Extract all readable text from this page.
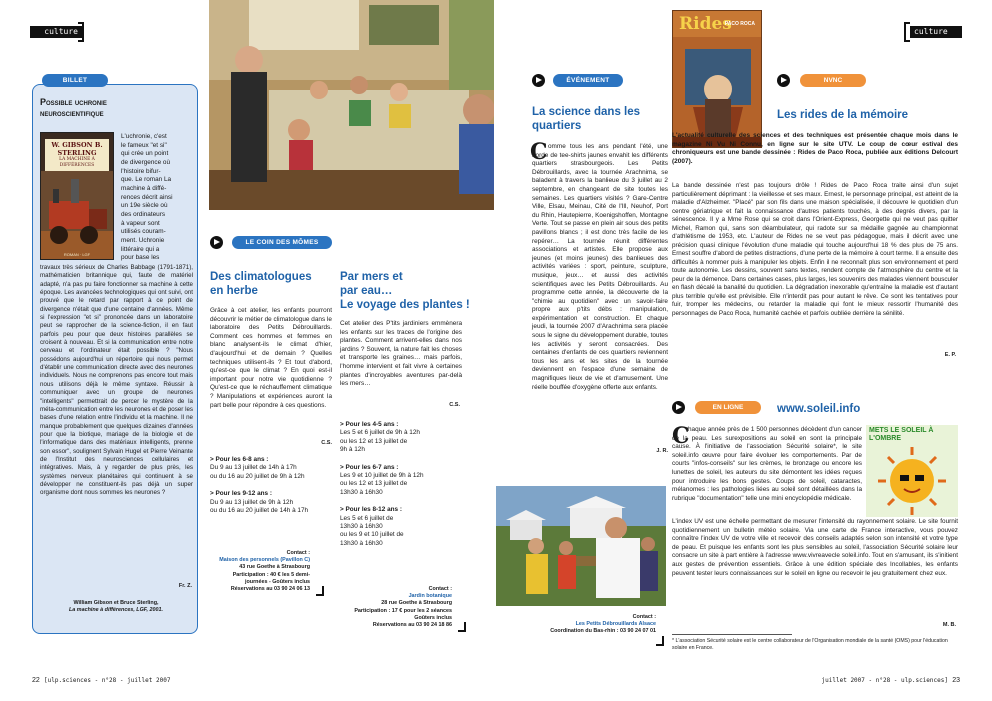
culture	culture
BILLET
Possible uchronie
neuroscientifique
W. GIBSON B. STERLING
LA MACHINE À DIFFÉRENCES
ROMAN · LGF
L'uchronie, c'est
le fameux "et si"
qui crée un point
de divergence où
l'histoire bifur-
que. Le roman La
machine à diffé-
rences décrit ainsi
un 19e siècle où
des ordinateurs
à vapeur sont
utilisés couram-
ment. Uchronie
littéraire qui a
pour base les
travaux très sérieux de Charles Babbage (1791-1871), mathématicien britannique qui, faute de matériel adapté, n'a pas pu faire fonctionner sa machine à cette époque. Les avancées technologiques qui ont suivi, ont prouvé que le retard par rapport à ce point de divergence n'était que d'une centaine d'années. Même si l'expression "et si" prononcée dans un laboratoire peut se rapprocher de la science-fiction, il en faut parfois peu pour que deux histoires parallèles se croisent à nouveau. Et si la communication entre notre cerveau et l'ordinateur était possible ? "Nous possédons aujourd'hui un répertoire qui nous permet d'établir une communication directe avec des neurones individuels. Nous ne comprenons pas encore tout mais nous utilisons déjà le même syntaxe. Réussir à communiquer avec un groupe de neurones "intelligents" permettrait de percer le mystère de la méta-communication entre les neurones et de poser les bases d'une relation entre l'individu et la machine. Il ne manque probablement que quelques dizaines d'années pour que la biotique, mariage de la biologie et de l'informatique dans des matériaux intelligents, prenne son essor", soulignent Sylvain Hugel et Pierre Veinante de l'Institut des neurosciences cellulaires et intégratives. Mais, à y regarder de plus près, les systèmes nerveux planétaires qui continuent à se développer ne constituent-ils pas déjà un super organisme dont nous sommes les neurones ?
Fr. Z.
William Gibson et Bruce Sterling,
La machine à différences, LGF, 2001.
LE COIN DES MÔMES
Des climatologues
en herbe
Grâce à cet atelier, les enfants pourront découvrir le métier de climatologue dans le laboratoire des Petits Débrouillards. Comment ces hommes et femmes en blanc analysent-ils le climat d'hier, d'aujourd'hui et de demain ? Quelles techniques utilisent-ils ? Et tout d'abord, qu'est-ce que le climat ? En quoi est-il important pour notre vie quotidienne ? Qu'est-ce que le réchauffement climatique ? Manipulations et expériences auront la part belle pour répondre à ces questions.
C.S.
> Pour les 6-8 ans :
Du 9 au 13 juillet de 14h à 17h
ou du 16 au 20 juillet de 9h à 12h
> Pour les 9-12 ans :
Du 9 au 13 juillet de 9h à 12h
ou du 16 au 20 juillet de 14h à 17h
Contact :
Maison des personnels (Pavillon C)
43 rue Goethe à Strasbourg
Participation : 40 € les 5 demi-
journées - Goûters inclus
Réservations au 03 90 24 06 13
Par mers et
par eau…
Le voyage des plantes !
Cet atelier des P'tits jardiniers emmènera les enfants sur les traces de l'origine des plantes. Comment arrivent-elles dans nos jardins ? Souvent, la nature fait les choses et transporte les graines… mais parfois, l'homme intervient et fait vivre à certaines plantes d'incroyables aventures par-delà les mers…
C.S.
> Pour les 4-5 ans :
Les 5 et 6 juillet de 9h à 12h
ou les 12 et 13 juillet de
9h à 12h
> Pour les 6-7 ans :
Les 9 et 10 juillet de 9h à 12h
ou les 12 et 13 juillet de
13h30 à 16h30
> Pour les 8-12 ans :
Les 5 et 6 juillet de
13h30 à 16h30
ou les 9 et 10 juillet de
13h30 à 16h30
Contact :
Jardin botanique
28 rue Goethe à Strasbourg
Participation : 17 € pour les 2 séances
Goûters inclus
Réservations au 03 90 24 18 86
ÉVÉNEMENT
La science dans les
quartiers
C omme tous les ans pendant l'été, une horde de tee-shirts jaunes envahit les différents quartiers strasbourgeois. Les Petits Débrouillards, avec la tournée Arachnima, se baladent à travers la banlieue du 3 juillet au 2 septembre, en changeant de site toutes les semaines. Les quartiers visités ? Gare-Centre Ville, Elsau, Meinau, Cité de l'Ill, Neuhof, Port du Rhin, Hautepierre, Koenigshoffen, Montagne Verte. Tout se passe en plein air sous des petits pavillons blancs ; il est donc très facile de les repérer… La tournée réunit différentes associations et artistes. Elle propose aux jeunes (et moins jeunes) des banlieues des activités variées : sport, peinture, sculpture, musique, jeux… et aussi des activités scientifiques avec les Petits Débrouillards. Au programme cette année, la découverte de la "chimie au quotidien" avec un savoir-faire propre aux p'tits débs : manipulation, expérimentation et construction. Et chaque jeudi, la tournée 2007 d'Arachnima sera placée sous le signe du développement durable, toutes les activités y seront consacrées. Des centaines d'enfants de ces quartiers reviennent tous les ans et les sites de la tournée deviennent en l'espace d'une semaine de magnifiques lieux de vie et d'amusement. Une réelle bouffée d'oxygène offerte aux enfants.
J. R.
Contact :
Les Petits Débrouillards Alsace
Coordination du Bas-rhin : 03 90 24 07 01
Rides
PACO ROCA
NVNC
Les rides de la mémoire
L'actualité culturelle des sciences et des techniques est présentée chaque mois dans le magazine Ni Vu Ni Connu, en ligne sur le site UTV. Le coup de cœur estival des chroniqueurs est une bande dessinée : Rides de Paco Roca, publiée aux éditions Delcourt (2007).
La bande dessinée n'est pas toujours drôle ! Rides de Paco Roca traite ainsi d'un sujet particulièrement déprimant : la vieillesse et ses maux. Ernest, le personnage principal, est atteint de la maladie d'Alzheimer. "Placé" par son fils dans une maison spécialisée, il découvre le quotidien d'un centre gériatrique et fait la connaissance d'autres patients touchés, à des degrés divers, par la sénescence. Il y a Mme Rose qui se croit dans l'Orient-Express, Georgette qui ne veut pas quitter Michel, Ramon qui, sans son déambulateur, qui radote sur sa médaille gagnée au championnat d'athlétisme de 1953, etc. L'auteur de Rides ne se veut pas pédagogue, mais il décrit avec une précision quasi clinique l'évolution d'une maladie qui touche aujourd'hui 18 % des plus de 75 ans. Ernest souffre d'abord de petites distractions, d'une perte de la mémoire à court terme. Il a ensuite des difficultés à nommer puis à manipuler les objets. Enfin il ne reconnaît plus son environnement et perd toute autonomie. Les dessins, souvent sans textes, rendent compte de l'atmosphère du centre et la peur de la démence. Dans certaines cases, plus larges, les souvenirs des malades viennent bousculer en flash décalé la banalité du quotidien. La dégradation inexorable qu'entraîne la maladie est d'autant plus terrible qu'elle est prévisible. Elle n'interdit pas pour autant le rêve. Ce sont les tentatives pour fuir, tromper les médecins, ou retarder la maladie qui font le mieux ressortir l'humanité des personnages de Paco Roca, humanité cachée et parfois oubliée derrière la sénilité.
E. P.
EN LIGNE	www.soleil.info
METS LE SOLEIL À L'OMBRE
C
haque année près de 1 500 personnes décèdent d'un cancer de la peau. Les surexpositions au soleil en sont la principale cause. À l'initiative de l'association Sécurité solaire*, le site soleil.info œuvre pour faire évoluer les comportements. Par de courts "infos-conseils" sur les crèmes, le bronzage ou encore les lunettes de soleil, les auteurs du site démontent les idées reçues pour introduire les bons gestes. Coups de soleil, cataractes, mélanomes : les pathologies liées au soleil sont détaillées dans la rubrique "documentation" telle une mini encyclopédie médicale.
L'index UV est une échelle permettant de mesurer l'intensité du rayonnement solaire. Le site fournit quotidiennement un bulletin météo solaire. Via une carte de France interactive, vous pouvez connaître l'index UV de votre ville et recevoir des conseils adaptés selon son intensité et votre type de peau. Et puisque les enfants sont les plus sensibles au soleil, l'association Sécurité solaire leur consacre un site à part entière à l'adresse www.vivreavecle soleil.info. Tout en s'amusant, ils s'initient aux gestes de prévention essentiels. Grâce à une édition spéciale des Incollables, les enfants peuvent tester leurs connaissances sur le soleil en ligne ou recevoir le jeu gratuitement chez eux.
M. B.
* L'association Sécurité solaire est le centre collaborateur de l'Organisation mondiale de la santé (OMS) pour l'éducation solaire en France.
22 [ulp.sciences - n°28 - juillet 2007	juillet 2007 - n°28 - ulp.sciences] 23
